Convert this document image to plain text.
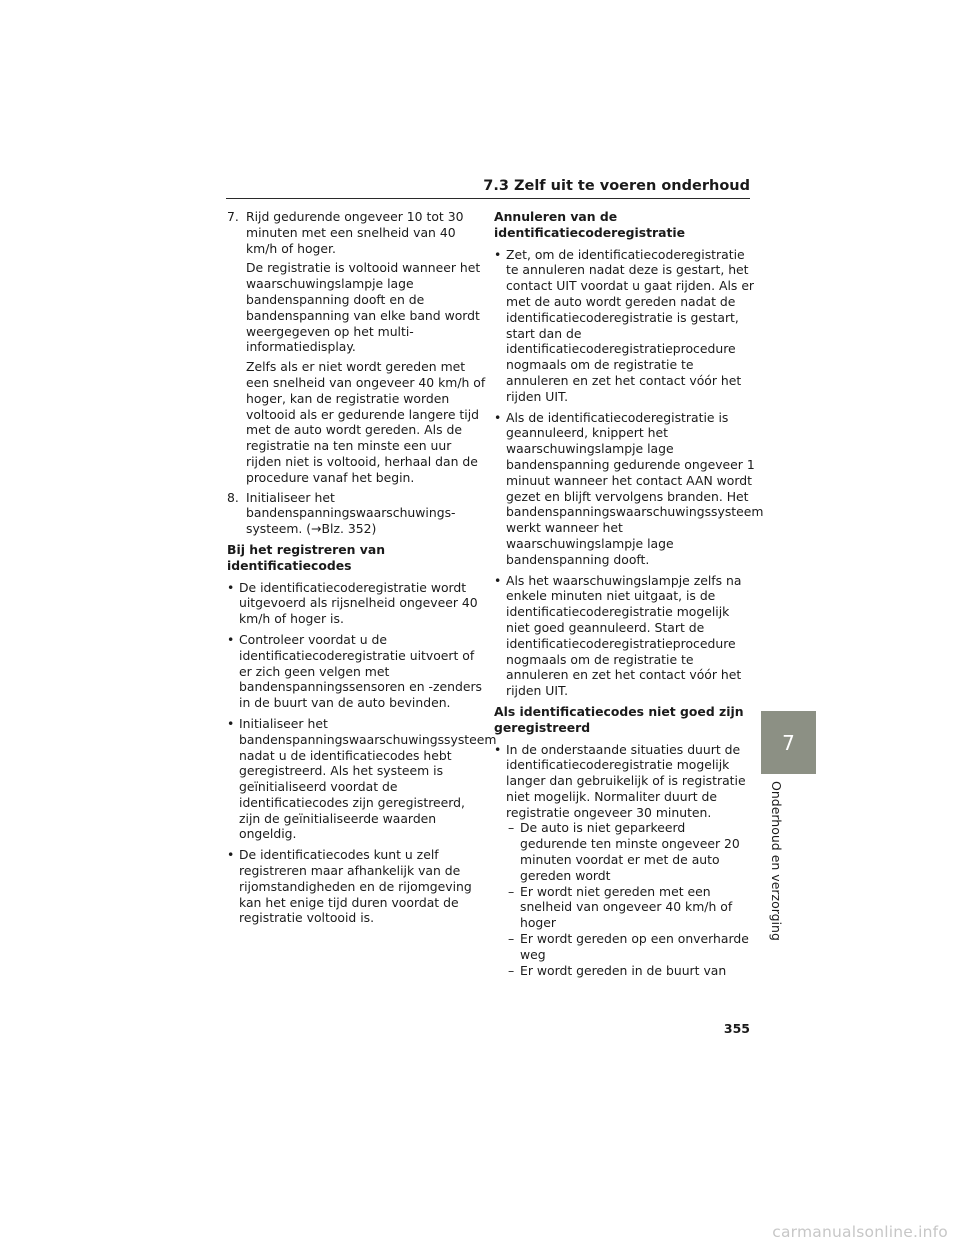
7.3 Zelf uit te voeren onderhoud
7. Rijd gedurende ongeveer 10 tot 30 minuten met een snelheid van 40 km/h of hoger.

De registratie is voltooid wanneer het waarschuwingslampje lage bandenspanning dooft en de bandenspanning van elke band wordt weergegeven op het multi-informatiedisplay.

Zelfs als er niet wordt gereden met een snelheid van ongeveer 40 km/h of hoger, kan de registratie worden voltooid als er gedurende langere tijd met de auto wordt gereden. Als de registratie na ten minste een uur rijden niet is voltooid, herhaal dan de procedure vanaf het begin.

8. Initialiseer het bandenspanningswaarschuwings-systeem. (→Blz. 352)

Bij het registreren van identificatiecodes
• De identificatiecoderegistratie wordt uitgevoerd als rijsnelheid ongeveer 40 km/h of hoger is.
• Controleer voordat u de identificatiecoderegistratie uitvoert of er zich geen velgen met bandenspanningssensoren en -zenders in de buurt van de auto bevinden.
• Initialiseer het bandenspanningswaarschuwingssysteem nadat u de identificatiecodes hebt geregistreerd. Als het systeem is geïnitialiseerd voordat de identificatiecodes zijn geregistreerd, zijn de geïnitialiseerde waarden ongeldig.
• De identificatiecodes kunt u zelf registreren maar afhankelijk van de rijomstandigheden en de rijomgeving kan het enige tijd duren voordat de registratie voltooid is.
Annuleren van de identificatiecoderegistratie
• Zet, om de identificatiecoderegistratie te annuleren nadat deze is gestart, het contact UIT voordat u gaat rijden. Als er met de auto wordt gereden nadat de identificatiecoderegistratie is gestart, start dan de identificatiecoderegistratieprocedure nogmaals om de registratie te annuleren en zet het contact vóór het rijden UIT.
• Als de identificatiecoderegistratie is geannuleerd, knippert het waarschuwingslampje lage bandenspanning gedurende ongeveer 1 minuut wanneer het contact AAN wordt gezet en blijft vervolgens branden. Het bandenspanningswaarschuwingssysteem werkt wanneer het waarschuwingslampje lage bandenspanning dooft.
• Als het waarschuwingslampje zelfs na enkele minuten niet uitgaat, is de identificatiecoderegistratie mogelijk niet goed geannuleerd. Start de identificatiecoderegistratieprocedure nogmaals om de registratie te annuleren en zet het contact vóór het rijden UIT.
Als identificatiecodes niet goed zijn geregistreerd
• In de onderstaande situaties duurt de identificatiecoderegistratie mogelijk langer dan gebruikelijk of is registratie niet mogelijk. Normaliter duurt de registratie ongeveer 30 minuten.
– De auto is niet geparkeerd gedurende ten minste ongeveer 20 minuten voordat er met de auto gereden wordt
– Er wordt niet gereden met een snelheid van ongeveer 40 km/h of hoger
– Er wordt gereden op een onverharde weg
– Er wordt gereden in de buurt van
7
Onderhoud en verzorging
355
carmanualsonline.info
